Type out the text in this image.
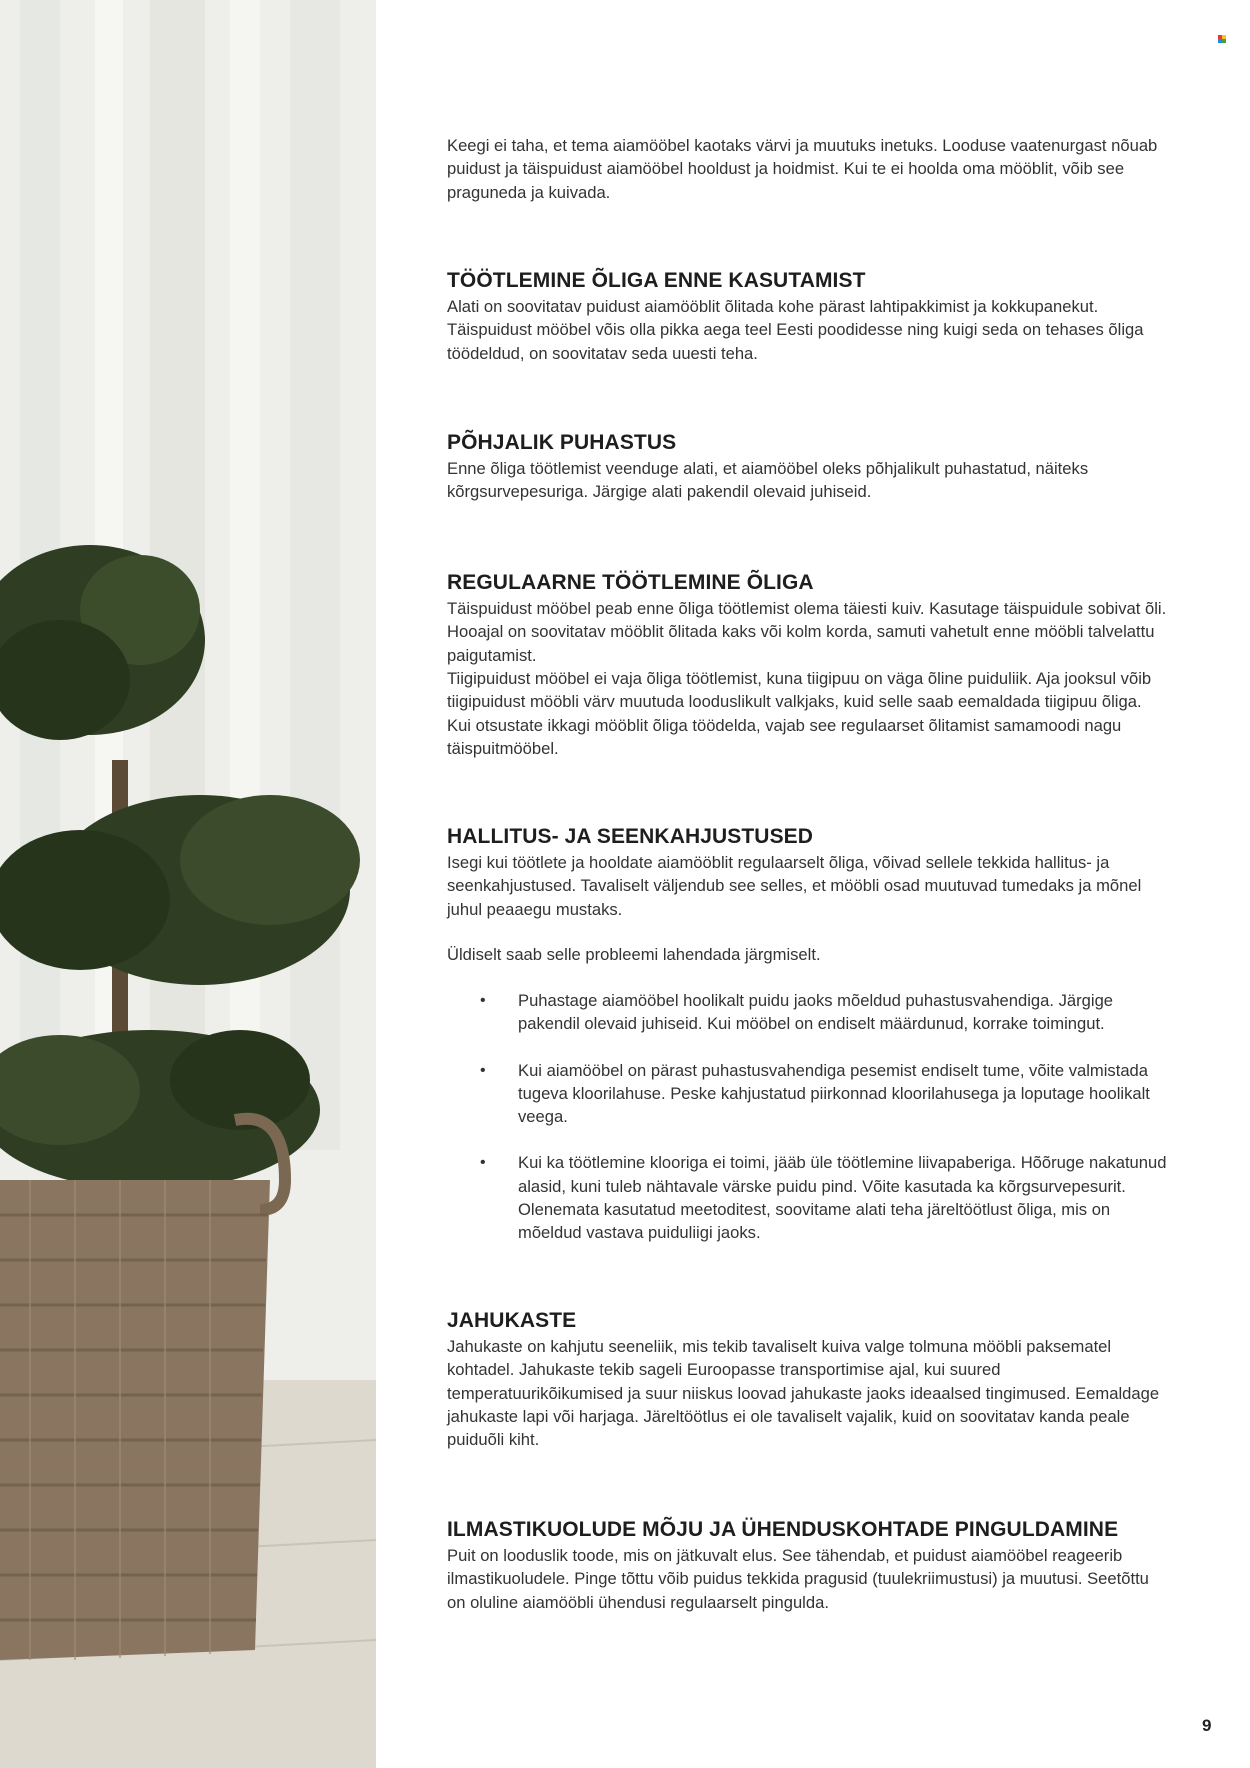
Keegi ei taha, et tema aiamööbel kaotaks värvi ja muutuks inetuks. Looduse vaatenurgast nõuab puidust ja täispuidust aiamööbel hooldust ja hoidmist. Kui te ei hoolda oma mööblit, võib see praguneda ja kuivada.

TÖÖTLEMINE ÕLIGA ENNE KASUTAMIST

Alati on soovitatav puidust aiamööblit õlitada kohe pärast lahtipakkimist ja kokkupanekut. Täispuidust mööbel võis olla pikka aega teel Eesti poodidesse ning kuigi seda on tehases õliga töödeldud, on soovitatav seda uuesti teha.

PÕHJALIK PUHASTUS

Enne õliga töötlemist veenduge alati, et aiamööbel oleks põhjalikult puhastatud, näiteks kõrgsurvepesuriga. Järgige alati pakendil olevaid juhiseid.

REGULAARNE TÖÖTLEMINE ÕLIGA

Täispuidust mööbel peab enne õliga töötlemist olema täiesti kuiv. Kasutage täispuidule sobivat õli. Hooajal on soovitatav mööblit õlitada kaks või kolm korda, samuti vahetult enne mööbli talvelattu paigutamist.

Tiigipuidust mööbel ei vaja õliga töötlemist, kuna tiigipuu on väga õline puiduliik. Aja jooksul võib tiigipuidust mööbli värv muutuda looduslikult valkjaks, kuid selle saab eemaldada tiigipuu õliga. Kui otsustate ikkagi mööblit õliga töödelda, vajab see regulaarset õlitamist samamoodi nagu täispuitmööbel.

HALLITUS- JA SEENKAHJUSTUSED

Isegi kui töötlete ja hooldate aiamööblit regulaarselt õliga, võivad sellele tekkida hallitus- ja seenkahjustused. Tavaliselt väljendub see selles, et mööbli osad muutuvad tumedaks ja mõnel juhul peaaegu mustaks.

Üldiselt saab selle probleemi lahendada järgmiselt.

• Puhastage aiamööbel hoolikalt puidu jaoks mõeldud puhastusvahendiga. Järgige pakendil olevaid juhiseid. Kui mööbel on endiselt määrdunud, korrake toimingut.
• Kui aiamööbel on pärast puhastusvahendiga pesemist endiselt tume, võite valmistada tugeva kloorilahuse. Peske kahjustatud piirkonnad kloorilahusega ja loputage hoolikalt veega.
• Kui ka töötlemine klooriga ei toimi, jääb üle töötlemine liivapaberiga. Hõõruge nakatunud alasid, kuni tuleb nähtavale värske puidu pind. Võite kasutada ka kõrgsurvepesurit. Olenemata kasutatud meetoditest, soovitame alati teha järeltöötlust õliga, mis on mõeldud vastava puiduliigi jaoks.
JAHUKASTE

Jahukaste on kahjutu seeneliik, mis tekib tavaliselt kuiva valge tolmuna mööbli paksematel kohtadel. Jahukaste tekib sageli Euroopasse transportimise ajal, kui suured temperatuurikõikumised ja suur niiskus loovad jahukaste jaoks ideaalsed tingimused. Eemaldage jahukaste lapi või harjaga. Järeltöötlus ei ole tavaliselt vajalik, kuid on soovitatav kanda peale puiduõli kiht.

ILMASTIKUOLUDE MÕJU JA ÜHENDUSKOHTADE PINGULDAMINE

Puit on looduslik toode, mis on jätkuvalt elus. See tähendab, et puidust aiamööbel reageerib ilmastikuoludele. Pinge tõttu võib puidus tekkida pragusid (tuulekriimustusi) ja muutusi. Seetõttu on oluline aiamööbli ühendusi regulaarselt pingulda.

9
